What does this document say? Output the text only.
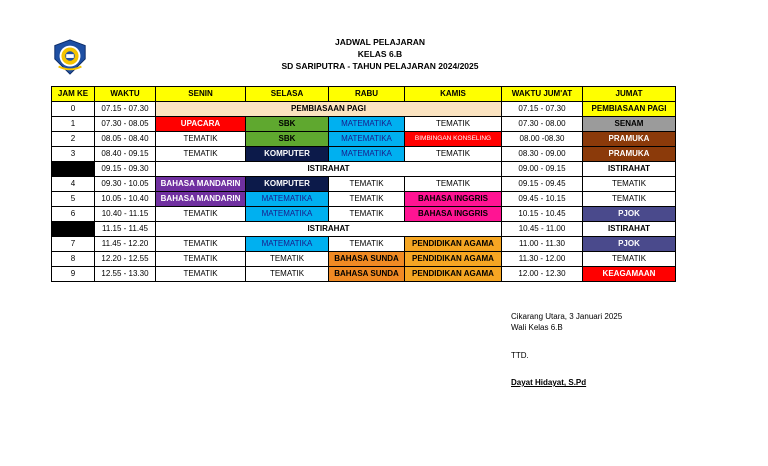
JADWAL PELAJARAN
KELAS 6.B
SD SARIPUTRA - TAHUN PELAJARAN 2024/2025
JAM KE	WAKTU	SENIN	SELASA	RABU	KAMIS	WAKTU JUM'AT	JUMAT
0	07.15 - 07.30	PEMBIASAAN PAGI				07.15 - 07.30	PEMBIASAAN PAGI
1	07.30 - 08.05	UPACARA	SBK	MATEMATIKA	TEMATIK	07.30 - 08.00	SENAM
2	08.05 - 08.40	TEMATIK	SBK	MATEMATIKA	BIMBINGAN KONSELING	08.00 -08.30	PRAMUKA
3	08.40 - 09.15	TEMATIK	KOMPUTER	MATEMATIKA	TEMATIK	08.30 - 09.00	PRAMUKA
	09.15 - 09.30	ISTIRAHAT				09.00 - 09.15	ISTIRAHAT
4	09.30 - 10.05	BAHASA MANDARIN	KOMPUTER	TEMATIK	TEMATIK	09.15 - 09.45	TEMATIK
5	10.05 - 10.40	BAHASA MANDARIN	MATEMATIKA	TEMATIK	BAHASA INGGRIS	09.45 - 10.15	TEMATIK
6	10.40 - 11.15	TEMATIK	MATEMATIKA	TEMATIK	BAHASA INGGRIS	10.15 - 10.45	PJOK
	11.15 - 11.45	ISTIRAHAT				10.45 - 11.00	ISTIRAHAT
7	11.45 - 12.20	TEMATIK	MATEMATIKA	TEMATIK	PENDIDIKAN AGAMA	11.00 - 11.30	PJOK
8	12.20 - 12.55	TEMATIK	TEMATIK	BAHASA SUNDA	PENDIDIKAN AGAMA	11.30 - 12.00	TEMATIK
9	12.55 - 13.30	TEMATIK	TEMATIK	BAHASA SUNDA	PENDIDIKAN AGAMA	12.00 - 12.30	KEAGAMAAN
Cikarang Utara, 3 Januari 2025
Wali Kelas 6.B
TTD.
Dayat Hidayat, S.Pd
